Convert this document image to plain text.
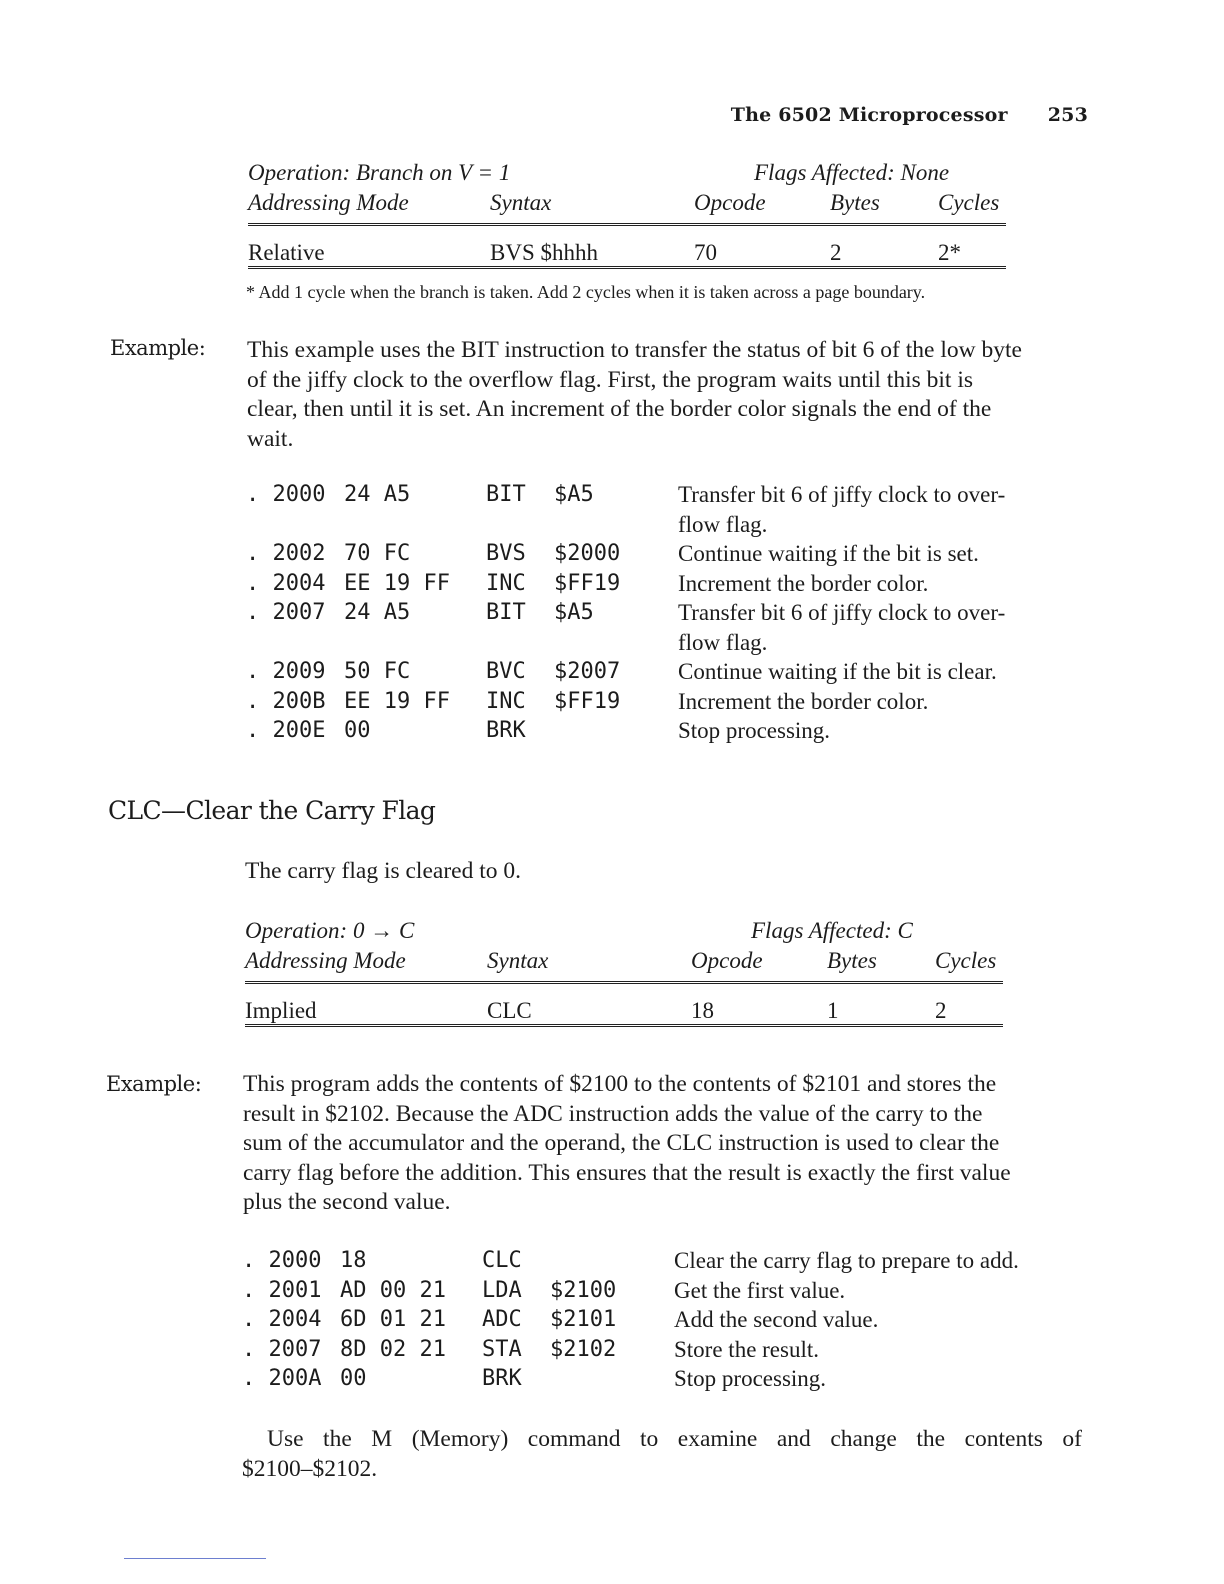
The 6502 Microprocessor 253
Operation: Branch on V = 1	Flags Affected: None
Addressing Mode	Syntax	Opcode	Bytes	Cycles
Relative	BVS $hhhh	70	2	2*
* Add 1 cycle when the branch is taken. Add 2 cycles when it is taken across a page boundary.
Example: This example uses the BIT instruction to transfer the status of bit 6 of the low byte
of the jiffy clock to the overflow flag. First, the program waits until this bit is
clear, then until it is set. An increment of the border color signals the end of the
wait.
. 2000 24 A5	BIT $A5	Transfer bit 6 of jiffy clock to over-
flow flag.
. 2002 70 FC	BVS $2000	Continue waiting if the bit is set.
. 2004 EE 19 FF INC $FF19	Increment the border color.
. 2007 24 A5	BIT $A5	Transfer bit 6 of jiffy clock to over-
flow flag.
. 2009 50 FC	BVC $2007	Continue waiting if the bit is clear.
. 200B EE 19 FF INC $FF19	Increment the border color.
. 200E 00	BRK	Stop processing.
CLC—Clear the Carry Flag
The carry flag is cleared to 0.
Operation: 0 → C	Flags Affected: C
Addressing Mode	Syntax	Opcode	Bytes	Cycles
Implied	CLC	18	1	2
Example: This program adds the contents of $2100 to the contents of $2101 and stores the
result in $2102. Because the ADC instruction adds the value of the carry to the
sum of the accumulator and the operand, the CLC instruction is used to clear the
carry flag before the addition. This ensures that the result is exactly the first value
plus the second value.
. 2000 18	CLC	Clear the carry flag to prepare to add.
. 2001 AD 00 21 LDA $2100	Get the first value.
. 2004 6D 01 21 ADC $2101	Add the second value.
. 2007 8D 02 21 STA $2102	Store the result.
. 200A 00	BRK	Stop processing.
Use the M (Memory) command to examine and change the contents of
$2100–$2102.
